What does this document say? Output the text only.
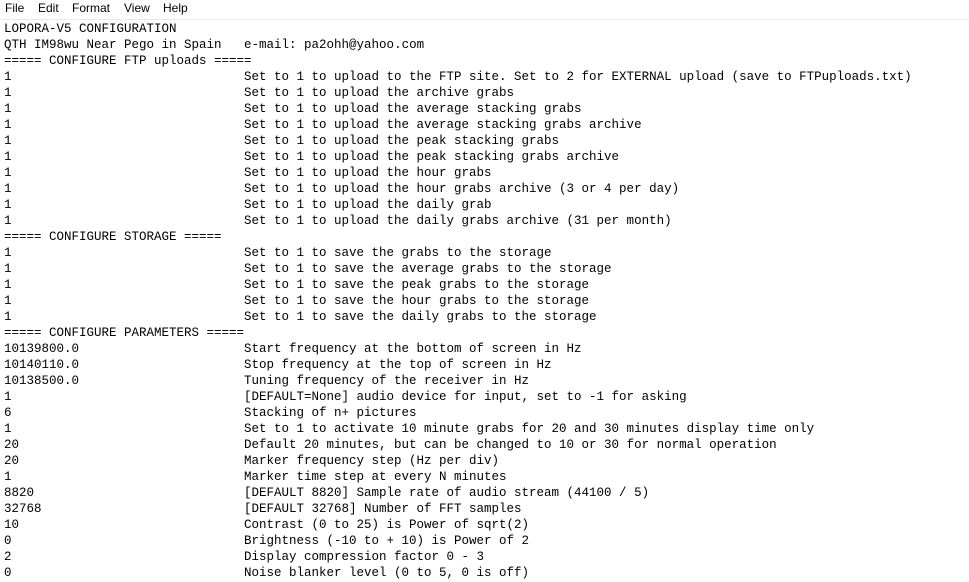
File Edit Format View Help
LOPORA-V5 CONFIGURATION
QTH IM98wu Near Pego in Spain   e-mail: pa2ohh@yahoo.com
===== CONFIGURE FTP uploads =====
1	Set to 1 to upload to the FTP site. Set to 2 for EXTERNAL upload (save to FTPuploads.txt)
1	Set to 1 to upload the archive grabs
1	Set to 1 to upload the average stacking grabs
1	Set to 1 to upload the average stacking grabs archive
1	Set to 1 to upload the peak stacking grabs
1	Set to 1 to upload the peak stacking grabs archive
1	Set to 1 to upload the hour grabs
1	Set to 1 to upload the hour grabs archive (3 or 4 per day)
1	Set to 1 to upload the daily grab
1	Set to 1 to upload the daily grabs archive (31 per month)
===== CONFIGURE STORAGE =====
1	Set to 1 to save the grabs to the storage
1	Set to 1 to save the average grabs to the storage
1	Set to 1 to save the peak grabs to the storage
1	Set to 1 to save the hour grabs to the storage
1	Set to 1 to save the daily grabs to the storage
===== CONFIGURE PARAMETERS =====
10139800.0	Start frequency at the bottom of screen in Hz
10140110.0	Stop frequency at the top of screen in Hz
10138500.0	Tuning frequency of the receiver in Hz
1	[DEFAULT=None] audio device for input, set to -1 for asking
6	Stacking of n+ pictures
1	Set to 1 to activate 10 minute grabs for 20 and 30 minutes display time only
20	Default 20 minutes, but can be changed to 10 or 30 for normal operation
20	Marker frequency step (Hz per div)
1	Marker time step at every N minutes
8820	[DEFAULT 8820] Sample rate of audio stream (44100 / 5)
32768	[DEFAULT 32768] Number of FFT samples
10	Contrast (0 to 25) is Power of sqrt(2)
0	Brightness (-10 to + 10) is Power of 2
2	Display compression factor 0 - 3
0	Noise blanker level (0 to 5, 0 is off)
